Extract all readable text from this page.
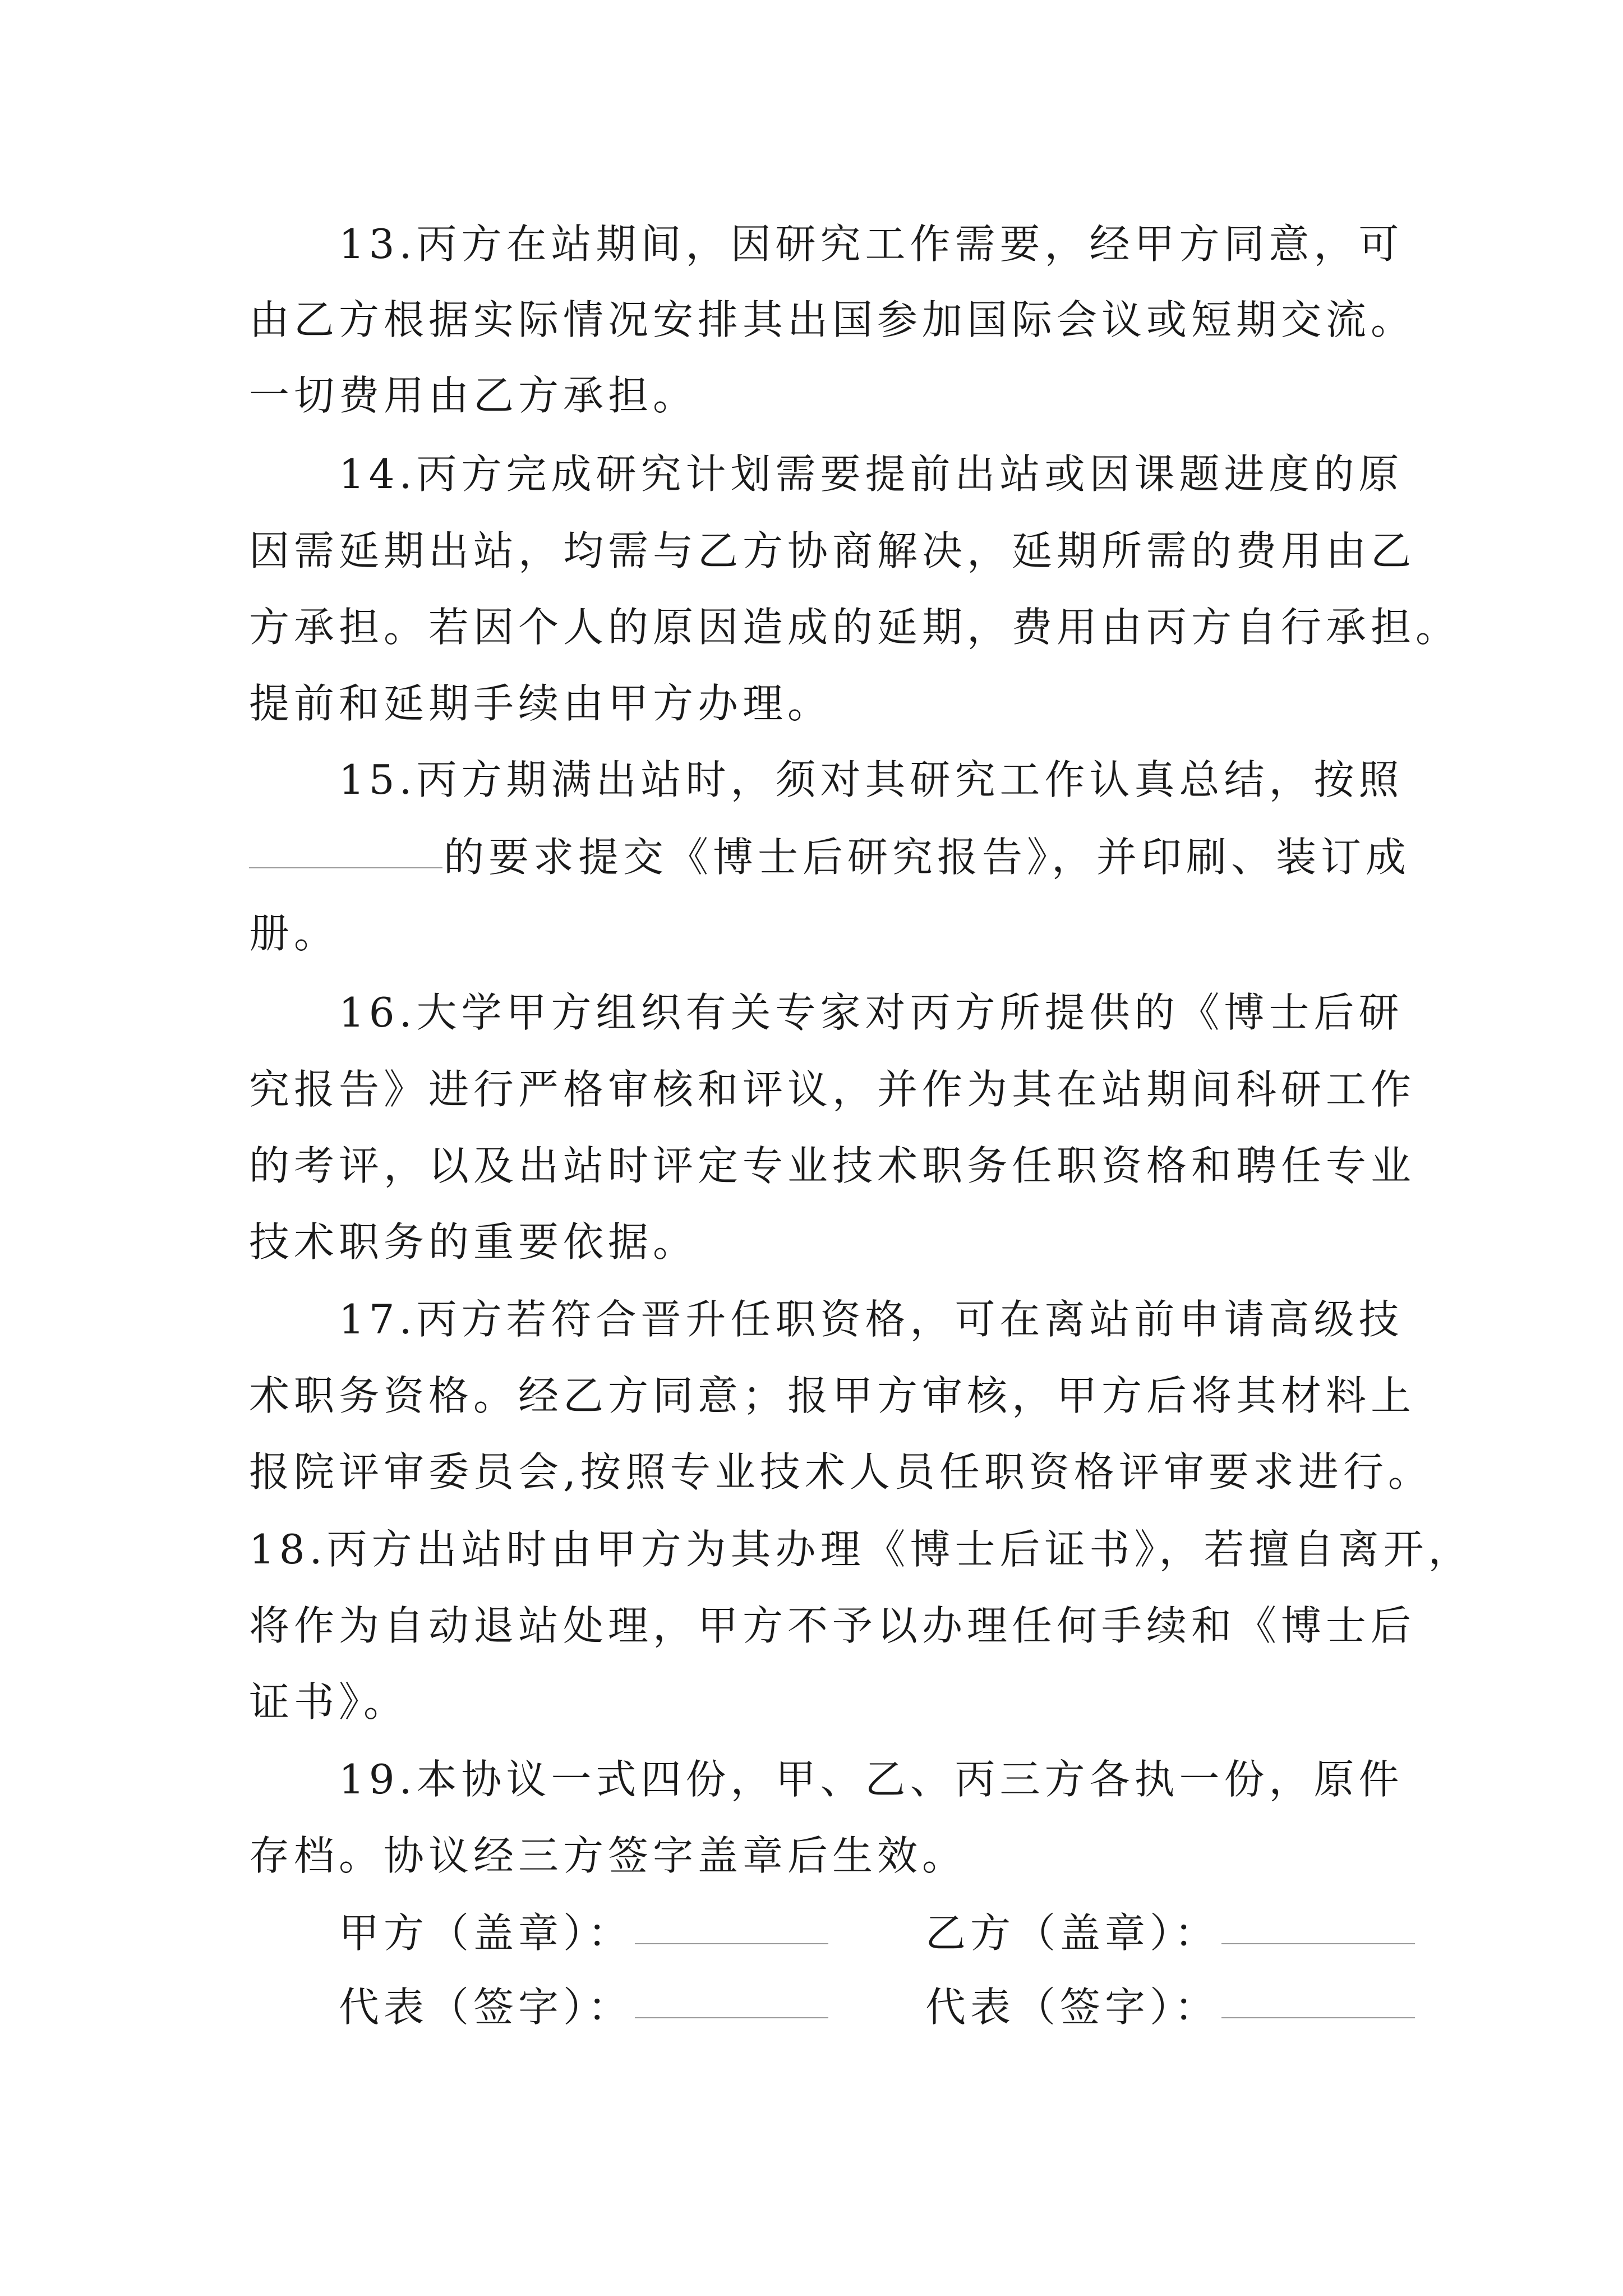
13.丙方在站期间，因研究工作需要，经甲方同意，可
由乙方根据实际情况安排其出国参加国际会议或短期交流。
一切费用由乙方承担。
14.丙方完成研究计划需要提前出站或因课题进度的原
因需延期出站，均需与乙方协商解决，延期所需的费用由乙
方承担。若因个人的原因造成的延期，费用由丙方自行承担。
提前和延期手续由甲方办理。
15.丙方期满出站时，须对其研究工作认真总结，按照
的要求提交《博士后研究报告》，并印刷、装订成
册。
16.大学甲方组织有关专家对丙方所提供的《博士后研
究报告》进行严格审核和评议，并作为其在站期间科研工作
的考评，以及出站时评定专业技术职务任职资格和聘任专业
技术职务的重要依据。
17.丙方若符合晋升任职资格，可在离站前申请高级技
术职务资格。经乙方同意；报甲方审核，甲方后将其材料上
报院评审委员会,按照专业技术人员任职资格评审要求进行。
18.丙方出站时由甲方为其办理《博士后证书》，若擅自离开，
将作为自动退站处理，甲方不予以办理任何手续和《博士后
证书》。
19.本协议一式四份，甲、乙、丙三方各执一份，原件
存档。协议经三方签字盖章后生效。
甲方（盖章）：	乙方（盖章）：
代表（签字）：	代表（签字）：
